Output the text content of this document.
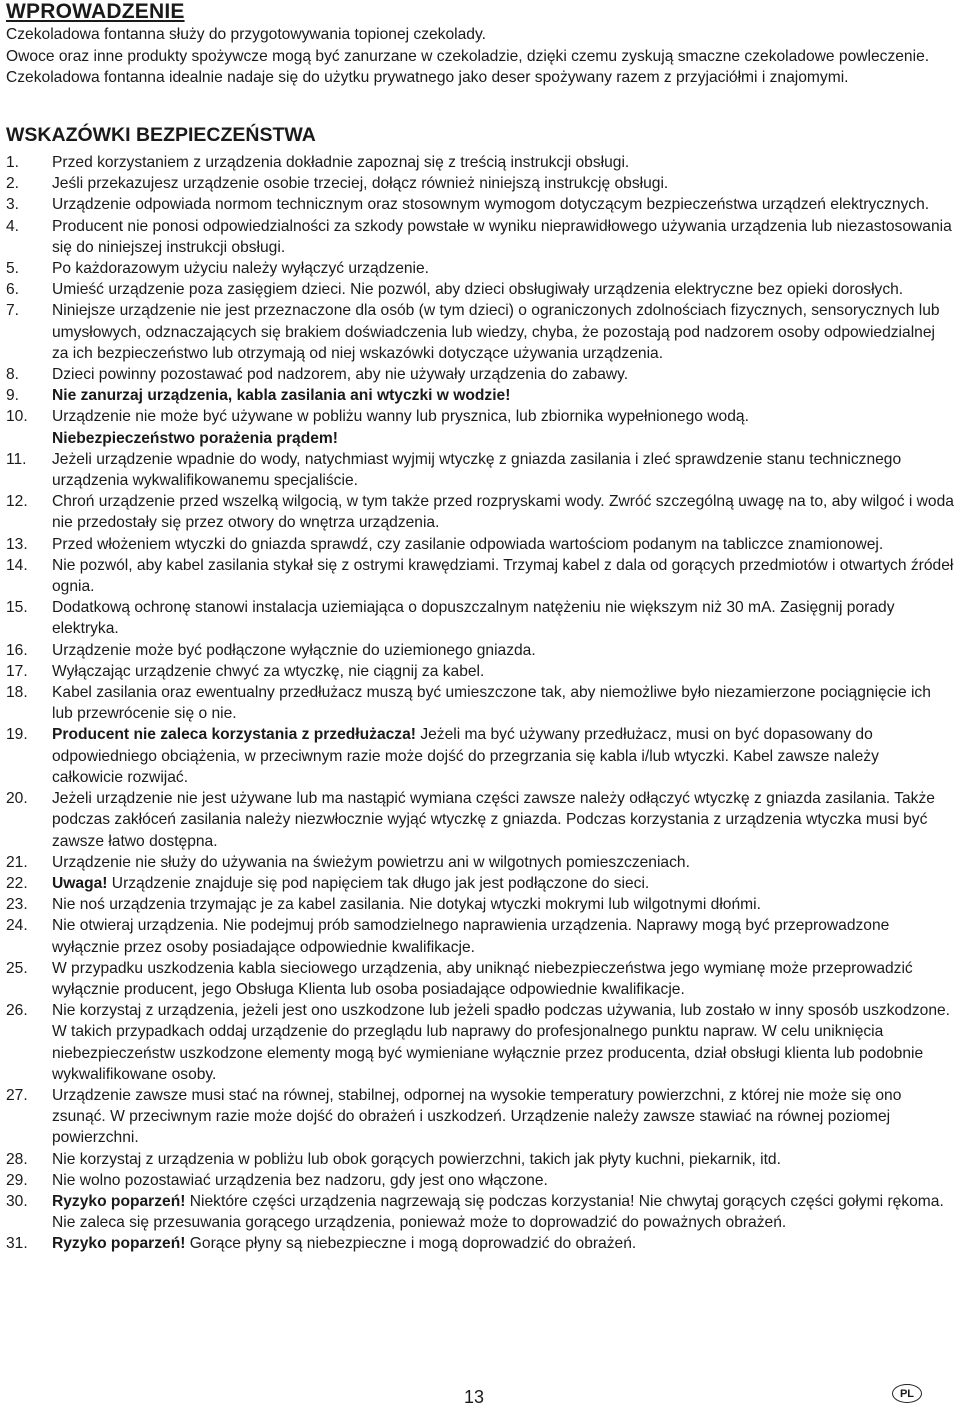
WPROWADZENIE
Czekoladowa fontanna służy do przygotowywania topionej czekolady.
Owoce oraz inne produkty spożywcze mogą być zanurzane w czekoladzie, dzięki czemu zyskują smaczne czekoladowe powleczenie. Czekoladowa fontanna idealnie nadaje się do użytku prywatnego jako deser spożywany razem z przyjaciółmi i znajomymi.
WSKAZÓWKI BEZPIECZEŃSTWA
1.	Przed korzystaniem z urządzenia dokładnie zapoznaj się z treścią instrukcji obsługi.
2.	Jeśli przekazujesz urządzenie osobie trzeciej, dołącz również niniejszą instrukcję obsługi.
3.	Urządzenie odpowiada normom technicznym oraz stosownym wymogom dotyczącym bezpieczeństwa urządzeń elektrycznych.
4.	Producent nie ponosi odpowiedzialności za szkody powstałe w wyniku nieprawidłowego używania urządzenia lub niezastosowania się do niniejszej instrukcji obsługi.
5.	Po każdorazowym użyciu należy wyłączyć urządzenie.
6.	Umieść urządzenie poza zasięgiem dzieci. Nie pozwól, aby dzieci obsługiwały urządzenia elektryczne bez opieki dorosłych.
7.	Niniejsze urządzenie nie jest przeznaczone dla osób (w tym dzieci) o ograniczonych zdolnościach fizycznych, sensorycznych lub umysłowych, odznaczających się brakiem doświadczenia lub wiedzy, chyba, że pozostają pod nadzorem osoby odpowiedzialnej za ich bezpieczeństwo lub otrzymają od niej wskazówki dotyczące używania urządzenia.
8.	Dzieci powinny pozostawać pod nadzorem, aby nie używały urządzenia do zabawy.
9.	Nie zanurzaj urządzenia, kabla zasilania ani wtyczki w wodzie!
10.	Urządzenie nie może być używane w pobliżu wanny lub prysznica, lub zbiornika wypełnionego wodą.
Niebezpieczeństwo porażenia prądem!
11.	Jeżeli urządzenie wpadnie do wody, natychmiast wyjmij wtyczkę z gniazda zasilania i zleć sprawdzenie stanu technicznego urządzenia wykwalifikowanemu specjaliście.
12.	Chroń urządzenie przed wszelką wilgocią, w tym także przed rozpryskami wody. Zwróć szczególną uwagę na to, aby wilgoć i woda nie przedostały się przez otwory do wnętrza urządzenia.
13.	Przed włożeniem wtyczki do gniazda sprawdź, czy zasilanie odpowiada wartościom podanym na tabliczce znamionowej.
14.	Nie pozwól, aby kabel zasilania stykał się z ostrymi krawędziami. Trzymaj kabel z dala od gorących przedmiotów i otwartych źródeł ognia.
15.	Dodatkową ochronę stanowi instalacja uziemiająca o dopuszczalnym natężeniu nie większym niż 30 mA. Zasięgnij porady elektryka.
16.	Urządzenie może być podłączone wyłącznie do uziemionego gniazda.
17.	Wyłączając urządzenie chwyć za wtyczkę, nie ciągnij za kabel.
18.	Kabel zasilania oraz ewentualny przedłużacz muszą być umieszczone tak, aby niemożliwe było niezamierzone pociągnięcie ich lub przewrócenie się o nie.
19.	Producent nie zaleca korzystania z przedłużacza! Jeżeli ma być używany przedłużacz, musi on być dopasowany do odpowiedniego obciążenia, w przeciwnym razie może dojść do przegrzania się kabla i/lub wtyczki. Kabel zawsze należy całkowicie rozwijać.
20.	Jeżeli urządzenie nie jest używane lub ma nastąpić wymiana części zawsze należy odłączyć wtyczkę z gniazda zasilania. Także podczas zakłóceń zasilania należy niezwłocznie wyjąć wtyczkę z gniazda. Podczas korzystania z urządzenia wtyczka musi być zawsze łatwo dostępna.
21.	Urządzenie nie służy do używania na świeżym powietrzu ani w wilgotnych pomieszczeniach.
22.	Uwaga! Urządzenie znajduje się pod napięciem tak długo jak jest podłączone do sieci.
23.	Nie noś urządzenia trzymając je za kabel zasilania. Nie dotykaj wtyczki mokrymi lub wilgotnymi dłońmi.
24.	Nie otwieraj urządzenia. Nie podejmuj prób samodzielnego naprawienia urządzenia. Naprawy mogą być przeprowadzone wyłącznie przez osoby posiadające odpowiednie kwalifikacje.
25.	W przypadku uszkodzenia kabla sieciowego urządzenia, aby uniknąć niebezpieczeństwa jego wymianę może przeprowadzić wyłącznie producent, jego Obsługa Klienta lub osoba posiadające odpowiednie kwalifikacje.
26.	Nie korzystaj z urządzenia, jeżeli jest ono uszkodzone lub jeżeli spadło podczas używania, lub zostało w inny sposób uszkodzone. W takich przypadkach oddaj urządzenie do przeglądu lub naprawy do profesjonalnego punktu napraw. W celu uniknięcia niebezpieczeństw uszkodzone elementy mogą być wymieniane wyłącznie przez producenta, dział obsługi klienta lub podobnie wykwalifikowane osoby.
27.	Urządzenie zawsze musi stać na równej, stabilnej, odpornej na wysokie temperatury powierzchni, z której nie może się ono zsunąć. W przeciwnym razie może dojść do obrażeń i uszkodzeń. Urządzenie należy zawsze stawiać na równej poziomej powierzchni.
28.	Nie korzystaj z urządzenia w pobliżu lub obok gorących powierzchni, takich jak płyty kuchni, piekarnik, itd.
29.	Nie wolno pozostawiać urządzenia bez nadzoru, gdy jest ono włączone.
30.	Ryzyko poparzeń! Niektóre części urządzenia nagrzewają się podczas korzystania! Nie chwytaj gorących części gołymi rękoma. Nie zaleca się przesuwania gorącego urządzenia, ponieważ może to doprowadzić do poważnych obrażeń.
31.	Ryzyko poparzeń! Gorące płyny są niebezpieczne i mogą doprowadzić do obrażeń.
13	PL
